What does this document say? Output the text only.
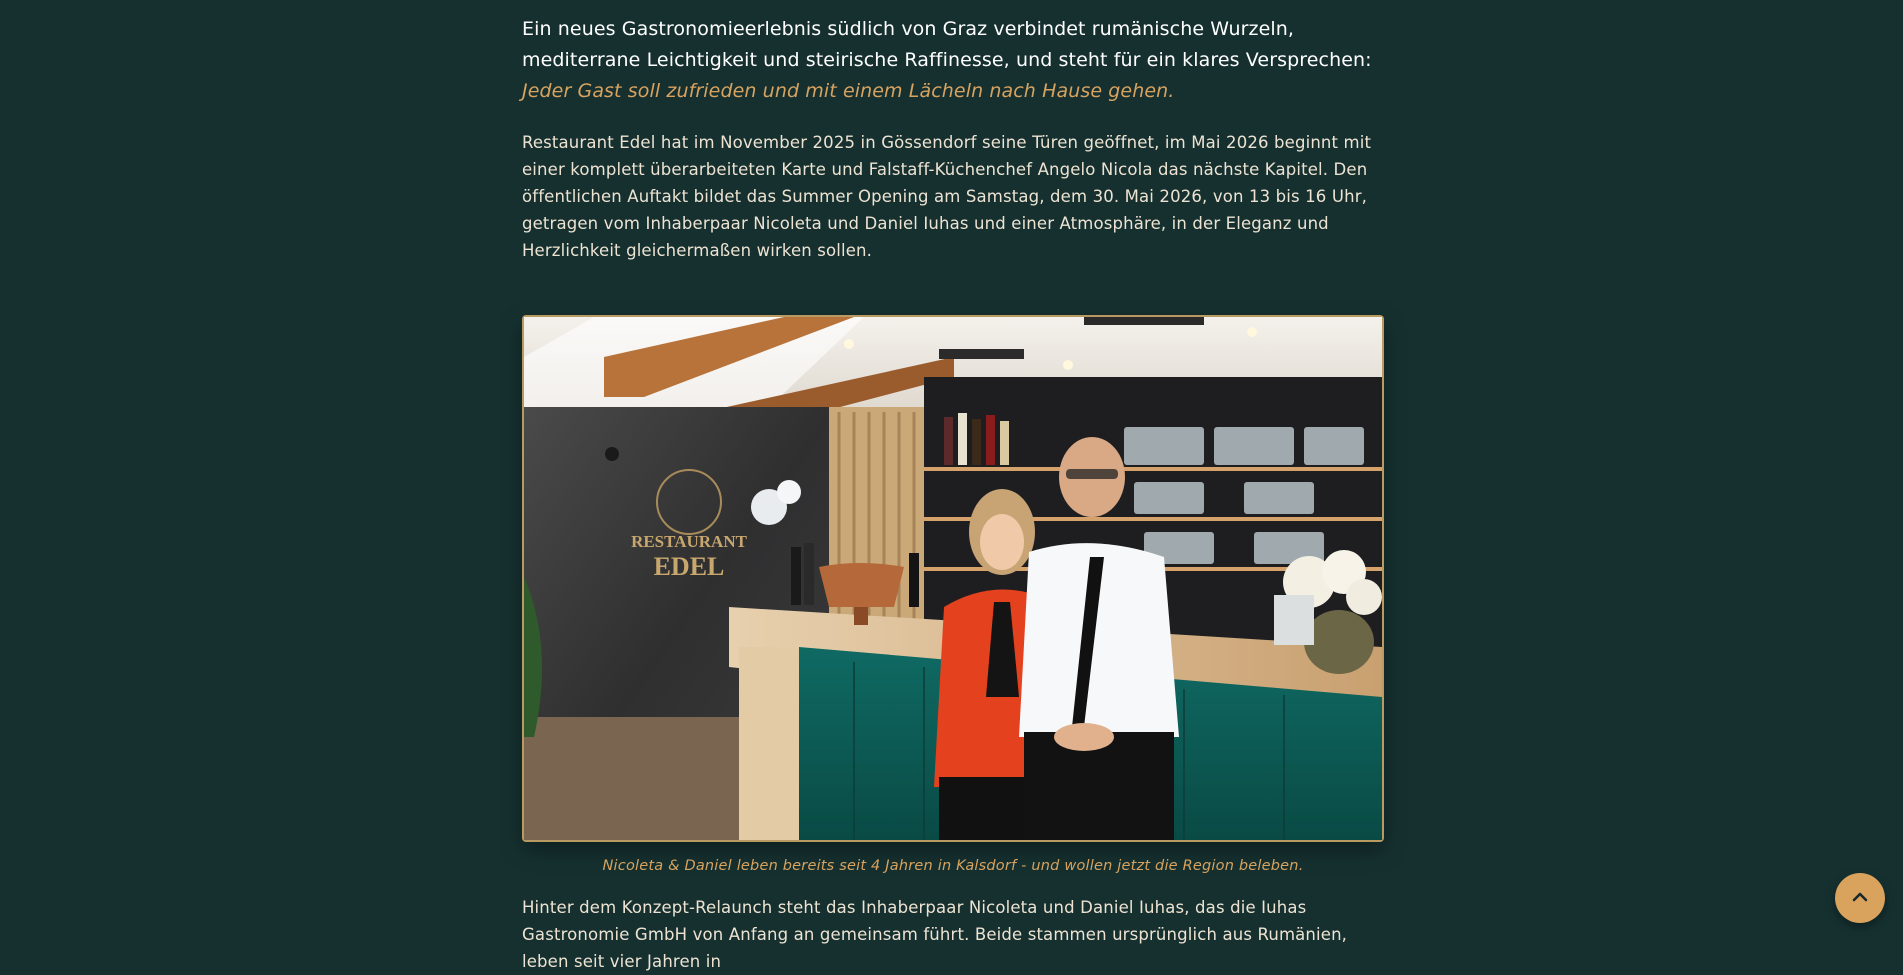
Ein neues Gastronomieerlebnis südlich von Graz verbindet rumänische Wurzeln, mediterrane Leichtigkeit und steirische Raffinesse, und steht für ein klares Versprechen: Jeder Gast soll zufrieden und mit einem Lächeln nach Hause gehen.

Restaurant Edel hat im November 2025 in Gössendorf seine Türen geöffnet, im Mai 2026 beginnt mit einer komplett überarbeiteten Karte und Falstaff-Küchenchef Angelo Nicola das nächste Kapitel. Den öffentlichen Auftakt bildet das Summer Opening am Samstag, dem 30. Mai 2026, von 13 bis 16 Uhr, getragen vom Inhaberpaar Nicoleta und Daniel Iuhas und einer Atmosphäre, in der Eleganz und Herzlichkeit gleichermaßen wirken sollen.

RESTAURANT
EDEL
Nicoleta & Daniel leben bereits seit 4 Jahren in Kalsdorf - und wollen jetzt die Region beleben.

Hinter dem Konzept-Relaunch steht das Inhaberpaar Nicoleta und Daniel Iuhas, das die Iuhas Gastronomie GmbH von Anfang an gemeinsam führt. Beide stammen ursprünglich aus Rumänien, leben seit vier Jahren in
